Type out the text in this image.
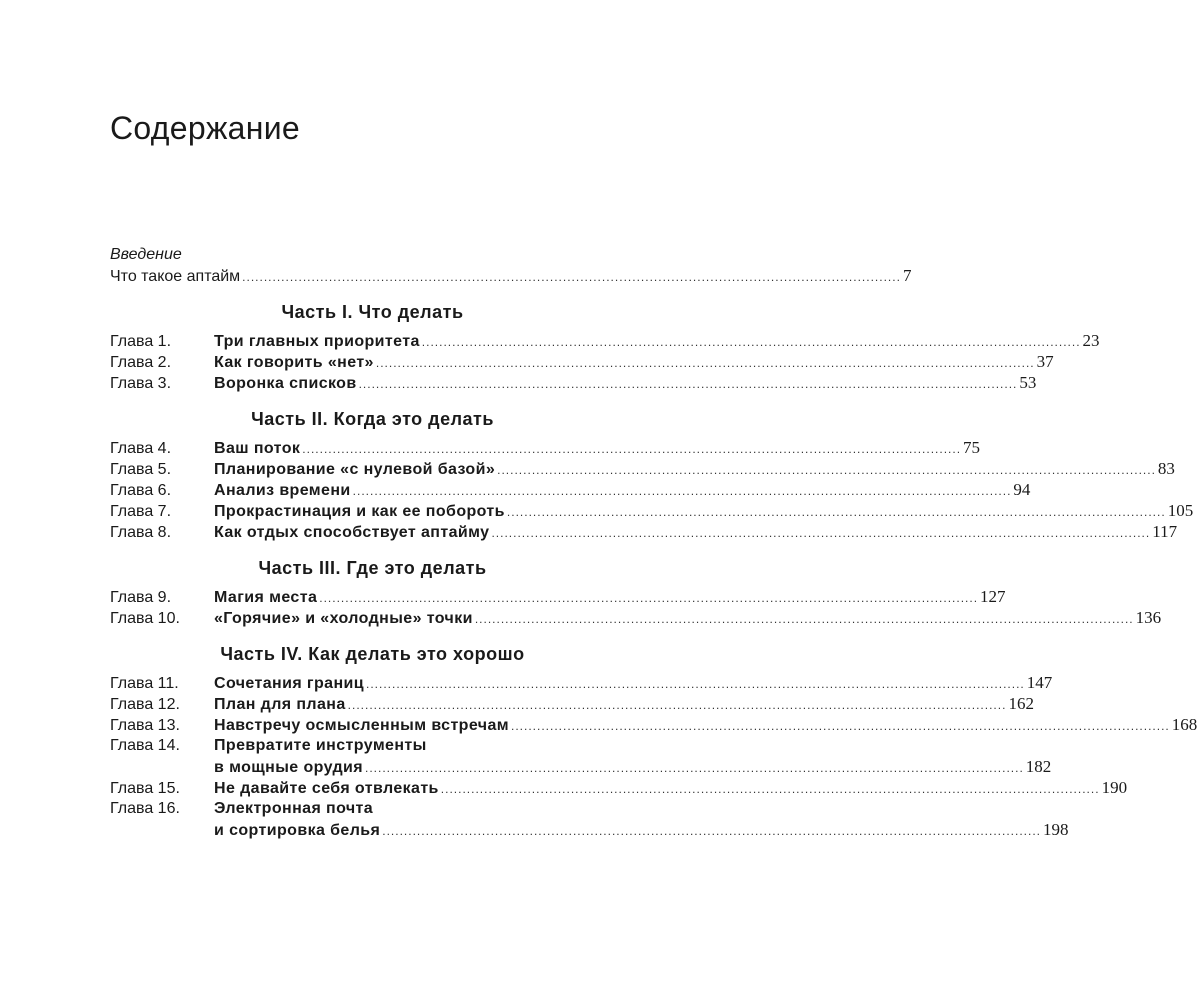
Содержание
Введение
Что такое аптайм .....	7
Часть I. Что делать
Глава 1.	Три главных приоритета .....	23
Глава 2.	Как говорить «нет» .....	37
Глава 3.	Воронка списков .....	53
Часть II. Когда это делать
Глава 4.	Ваш поток .....	75
Глава 5.	Планирование «с нулевой базой» .....	83
Глава 6.	Анализ времени .....	94
Глава 7.	Прокрастинация и как ее побороть .....	105
Глава 8.	Как отдых способствует аптайму .....	117
Часть III. Где это делать
Глава 9.	Магия места .....	127
Глава 10.	«Горячие» и «холодные» точки .....	136
Часть IV. Как делать это хорошо
Глава 11.	Сочетания границ .....	147
Глава 12.	План для плана .....	162
Глава 13.	Навстречу осмысленным встречам .....	168
Глава 14.	Превратите инструменты
в мощные орудия .....	182
Глава 15.	Не давайте себя отвлекать .....	190
Глава 16.	Электронная почта
и сортировка белья .....	198
